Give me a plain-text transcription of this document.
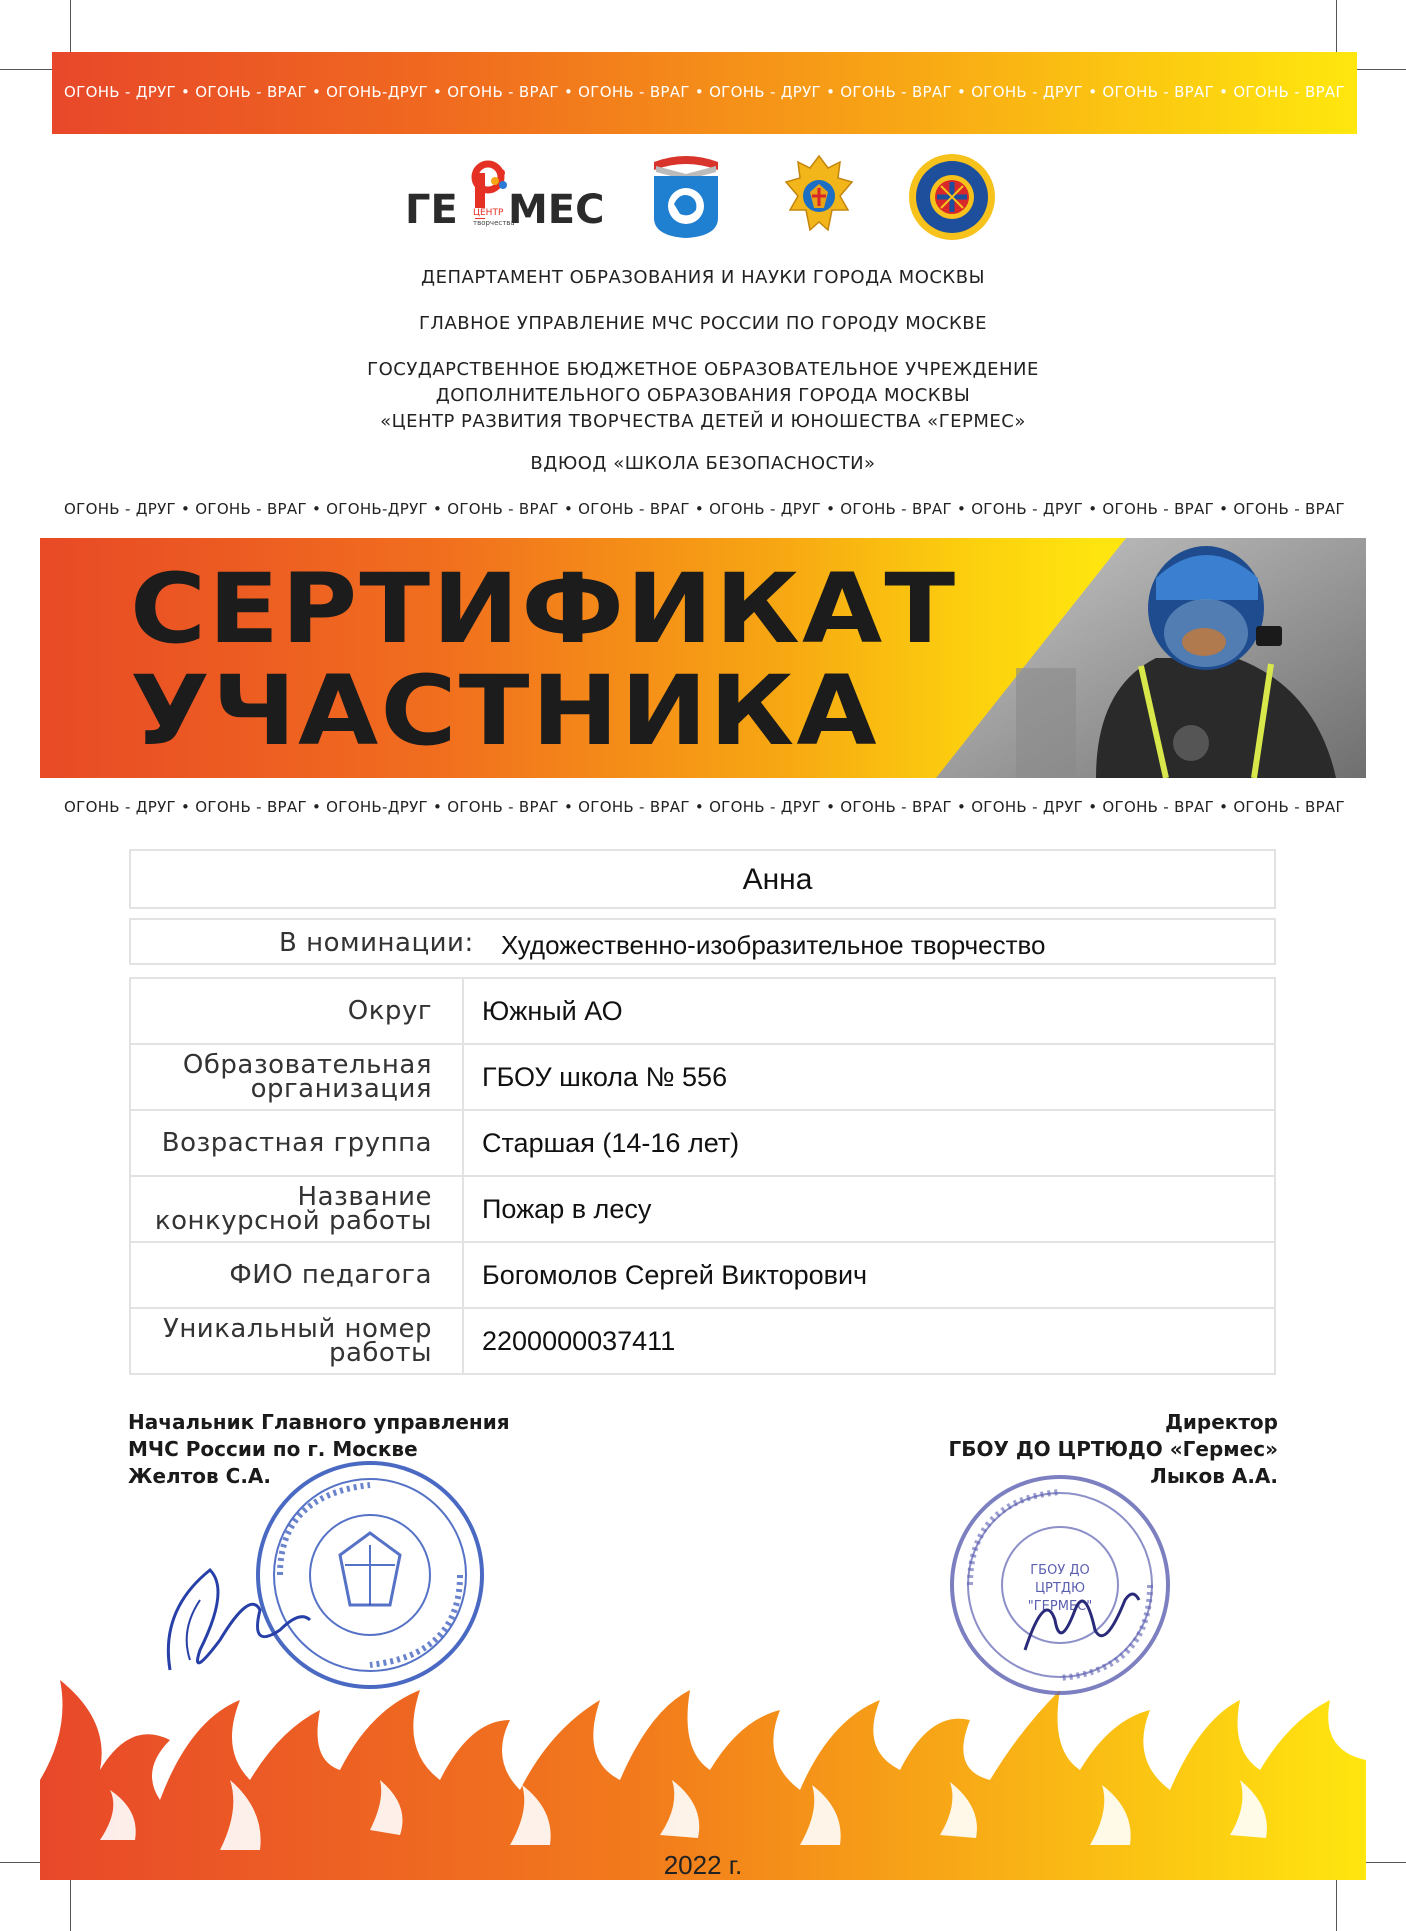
ОГОНЬ - ДРУГ • ОГОНЬ - ВРАГ • ОГОНЬ-ДРУГ • ОГОНЬ - ВРАГ • ОГОНЬ - ВРАГ • ОГОНЬ - ДРУГ • ОГОНЬ - ВРАГ • ОГОНЬ - ДРУГ • ОГОНЬ - ВРАГ • ОГОНЬ - ВРАГ
ГЕ ЦЕНТР
творчества
МЕС
ДЕПАРТАМЕНТ ОБРАЗОВАНИЯ И НАУКИ ГОРОДА МОСКВЫ
ГЛАВНОЕ УПРАВЛЕНИЕ МЧС РОССИИ ПО ГОРОДУ МОСКВЕ
ГОСУДАРСТВЕННОЕ БЮДЖЕТНОЕ ОБРАЗОВАТЕЛЬНОЕ УЧРЕЖДЕНИЕ
ДОПОЛНИТЕЛЬНОГО ОБРАЗОВАНИЯ ГОРОДА МОСКВЫ
«ЦЕНТР РАЗВИТИЯ ТВОРЧЕСТВА ДЕТЕЙ И ЮНОШЕСТВА «ГЕРМЕС»
ВДЮОД «ШКОЛА БЕЗОПАСНОСТИ»
ОГОНЬ - ДРУГ • ОГОНЬ - ВРАГ • ОГОНЬ-ДРУГ • ОГОНЬ - ВРАГ • ОГОНЬ - ВРАГ • ОГОНЬ - ДРУГ • ОГОНЬ - ВРАГ • ОГОНЬ - ДРУГ • ОГОНЬ - ВРАГ • ОГОНЬ - ВРАГ
СЕРТИФИКАТ
УЧАСТНИКА
ОГОНЬ - ДРУГ • ОГОНЬ - ВРАГ • ОГОНЬ-ДРУГ • ОГОНЬ - ВРАГ • ОГОНЬ - ВРАГ • ОГОНЬ - ДРУГ • ОГОНЬ - ВРАГ • ОГОНЬ - ДРУГ • ОГОНЬ - ВРАГ • ОГОНЬ - ВРАГ
Анна
В номинации: Художественно-изобразительное творчество
Округ	Южный АО
Образовательная организация	ГБОУ школа № 556
Возрастная группа	Старшая (14-16 лет)
Название конкурсной работы	Пожар в лесу
ФИО педагога	Богомолов Сергей Викторович
Уникальный номер работы	2200000037411
Начальник Главного управления
МЧС России по г. Москве
Желтов С.А.
Директор
ГБОУ ДО ЦРТЮДО «Гермес»
Лыков А.А.
ГБОУ ДО ЦРТДЮ "ГЕРМЕС"
2022 г.
